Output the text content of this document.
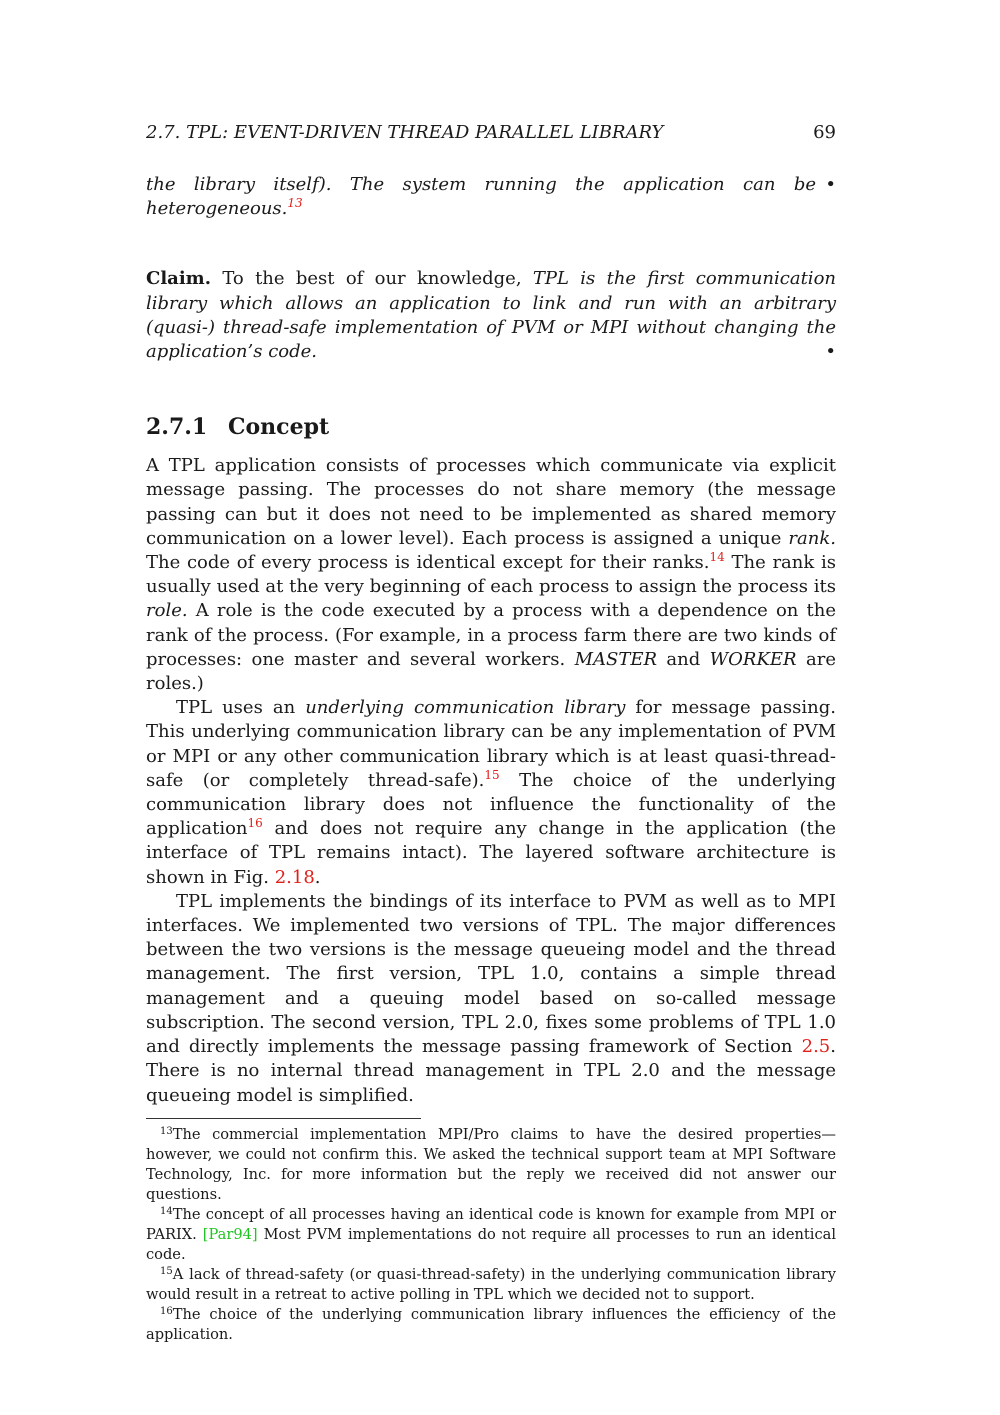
2.7. TPL: EVENT-DRIVEN THREAD PARALLEL LIBRARY	69
the library itself). The system running the application can be heterogeneous.$^{13}$
•
Claim. To the best of our knowledge, TPL is the first communication library which allows an application to link and run with an arbitrary (quasi-) thread-safe implementation of PVM or MPI without changing the application’s code.	•
2.7.1 Concept
A TPL application consists of processes which communicate via explicit message passing. The processes do not share memory (the message passing can but it does not need to be implemented as shared memory communication on a lower level). Each process is assigned a unique rank. The code of every process is identical except for their ranks.$^{14}$ The rank is usually used at the very beginning of each process to assign the process its role. A role is the code executed by a process with a dependence on the rank of the process. (For example, in a process farm there are two kinds of processes: one master and several workers. MASTER and WORKER are roles.)
TPL uses an underlying communication library for message passing. This underlying communication library can be any implementation of PVM or MPI or any other communication library which is at least quasi-thread-safe (or completely thread-safe).$^{15}$ The choice of the underlying communication library does not influence the functionality of the application$^{16}$ and does not require any change in the application (the interface of TPL remains intact). The layered software architecture is shown in Fig. 2.18.
TPL implements the bindings of its interface to PVM as well as to MPI interfaces. We implemented two versions of TPL. The major differences between the two versions is the message queueing model and the thread management. The first version, TPL 1.0, contains a simple thread management and a queuing model based on so-called message subscription. The second version, TPL 2.0, fixes some problems of TPL 1.0 and directly implements the message passing framework of Section 2.5. There is no internal thread management in TPL 2.0 and the message queueing model is simplified.
$^{13}$The commercial implementation MPI/Pro claims to have the desired properties—however, we could not confirm this. We asked the technical support team at MPI Software Technology, Inc. for more information but the reply we received did not answer our questions.
$^{14}$The concept of all processes having an identical code is known for example from MPI or PARIX. [Par94] Most PVM implementations do not require all processes to run an identical code.
$^{15}$A lack of thread-safety (or quasi-thread-safety) in the underlying communication library would result in a retreat to active polling in TPL which we decided not to support.
$^{16}$The choice of the underlying communication library influences the efficiency of the application.
